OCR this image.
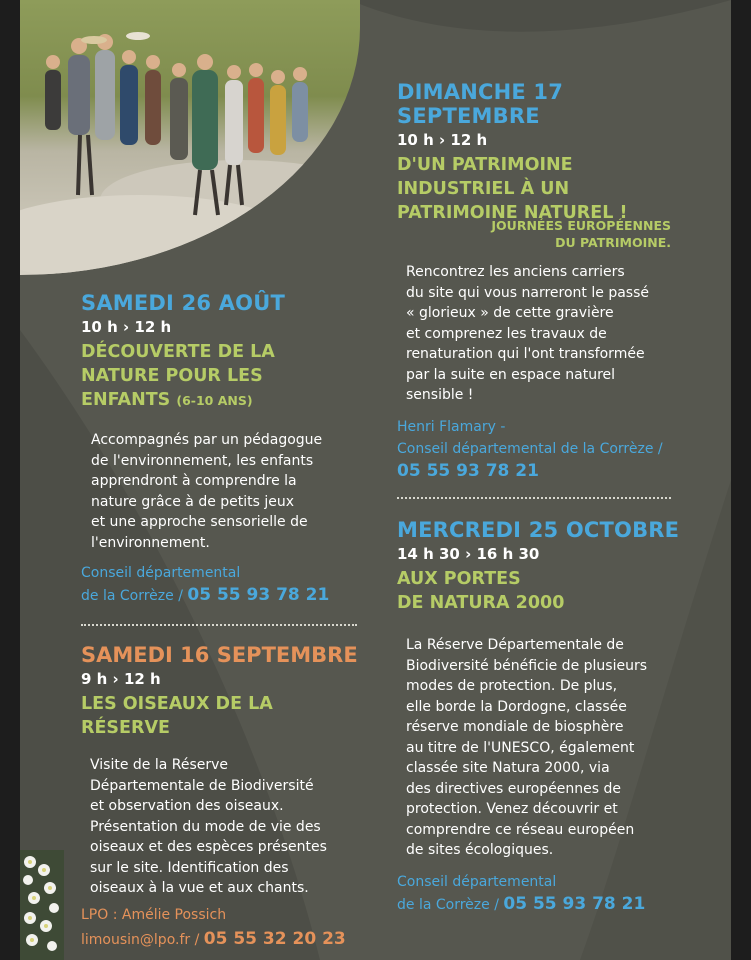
SAMEDI 26 AOÛT
10 h › 12 h
DÉCOUVERTE DE LA
NATURE POUR LES
ENFANTS (6-10 ANS)
Accompagnés par un pédagogue
de l'environnement, les enfants
apprendront à comprendre la
nature grâce à de petits jeux
et une approche sensorielle de
l'environnement.
Conseil départemental
de la Corrèze / 05 55 93 78 21
SAMEDI 16 SEPTEMBRE
9 h › 12 h
LES OISEAUX DE LA
RÉSERVE
Visite de la Réserve
Départementale de Biodiversité
et observation des oiseaux.
Présentation du mode de vie des
oiseaux et des espèces présentes
sur le site. Identification des
oiseaux à la vue et aux chants.
LPO : Amélie Possich
limousin@lpo.fr / 05 55 32 20 23
DIMANCHE 17 SEPTEMBRE
10 h › 12 h
D'UN PATRIMOINE
INDUSTRIEL À UN
PATRIMOINE NATUREL !
JOURNÉES EUROPÉENNES
DU PATRIMOINE.
Rencontrez les anciens carriers
du site qui vous narreront le passé
« glorieux » de cette gravière
et comprenez les travaux de
renaturation qui l'ont transformée
par la suite en espace naturel
sensible !
Henri Flamary -
Conseil départemental de la Corrèze /
05 55 93 78 21
MERCREDI 25 OCTOBRE
14 h 30 › 16 h 30
AUX PORTES
DE NATURA 2000
La Réserve Départementale de
Biodiversité bénéficie de plusieurs
modes de protection. De plus,
elle borde la Dordogne, classée
réserve mondiale de biosphère
au titre de l'UNESCO, également
classée site Natura 2000, via
des directives européennes de
protection. Venez découvrir et
comprendre ce réseau européen
de sites écologiques.
Conseil départemental
de la Corrèze / 05 55 93 78 21
